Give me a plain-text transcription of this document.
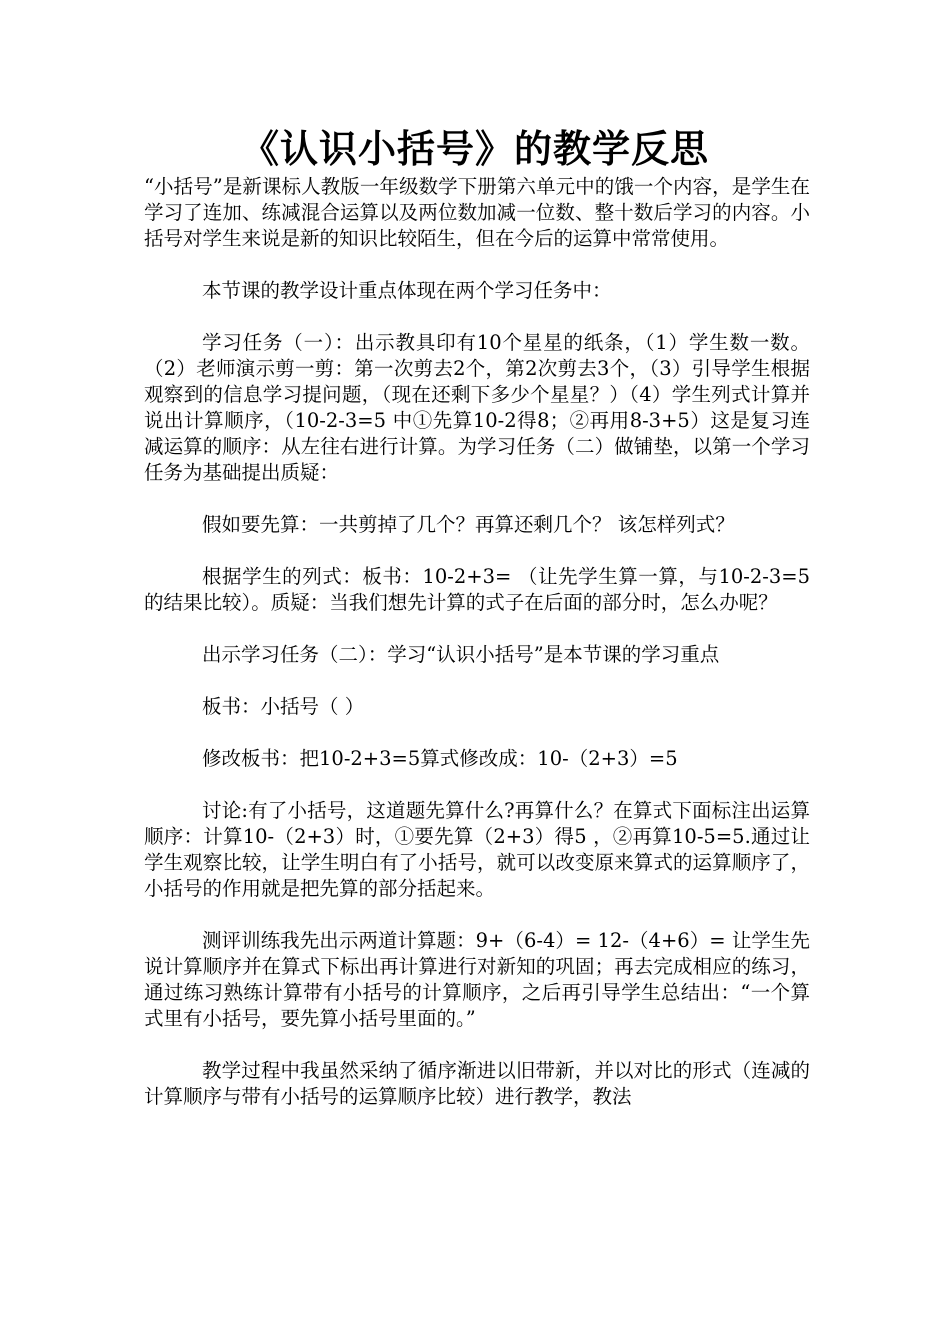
《认识小括号》的教学反思

“小括号”是新课标人教版一年级数学下册第六单元中的饿一个内容，是学生在学习了连加、练减混合运算以及两位数加减一位数、整十数后学习的内容。小括号对学生来说是新的知识比较陌生，但在今后的运算中常常使用。

本节课的教学设计重点体现在两个学习任务中：

学习任务（一）：出示教具印有10个星星的纸条，（1）学生数一数。（2）老师演示剪一剪：第一次剪去2个，第2次剪去3个，（3）引导学生根据观察到的信息学习提问题，（现在还剩下多少个星星？）（4）学生列式计算并说出计算顺序，（10-2-3=5 中①先算10-2得8；②再用8-3+5）这是复习连减运算的顺序：从左往右进行计算。为学习任务（二）做铺垫，以第一个学习任务为基础提出质疑：

假如要先算：一共剪掉了几个？再算还剩几个？ 该怎样列式？

根据学生的列式：板书：10-2+3= （让先学生算一算，与10-2-3=5的结果比较）。质疑：当我们想先计算的式子在后面的部分时，怎么办呢？

出示学习任务（二）：学习“认识小括号”是本节课的学习重点

板书：小括号（ ）

修改板书：把10-2+3=5算式修改成：10-（2+3）=5

讨论:有了小括号，这道题先算什么?再算什么？在算式下面标注出运算顺序：计算10-（2+3）时，①要先算（2+3）得5 ，②再算10-5=5.通过让学生观察比较，让学生明白有了小括号，就可以改变原来算式的运算顺序了，小括号的作用就是把先算的部分括起来。

测评训练我先出示两道计算题：9+（6-4）= 12-（4+6）= 让学生先说计算顺序并在算式下标出再计算进行对新知的巩固；再去完成相应的练习，通过练习熟练计算带有小括号的计算顺序，之后再引导学生总结出：“一个算式里有小括号，要先算小括号里面的。”

教学过程中我虽然采纳了循序渐进以旧带新，并以对比的形式（连减的计算顺序与带有小括号的运算顺序比较）进行教学，教法
